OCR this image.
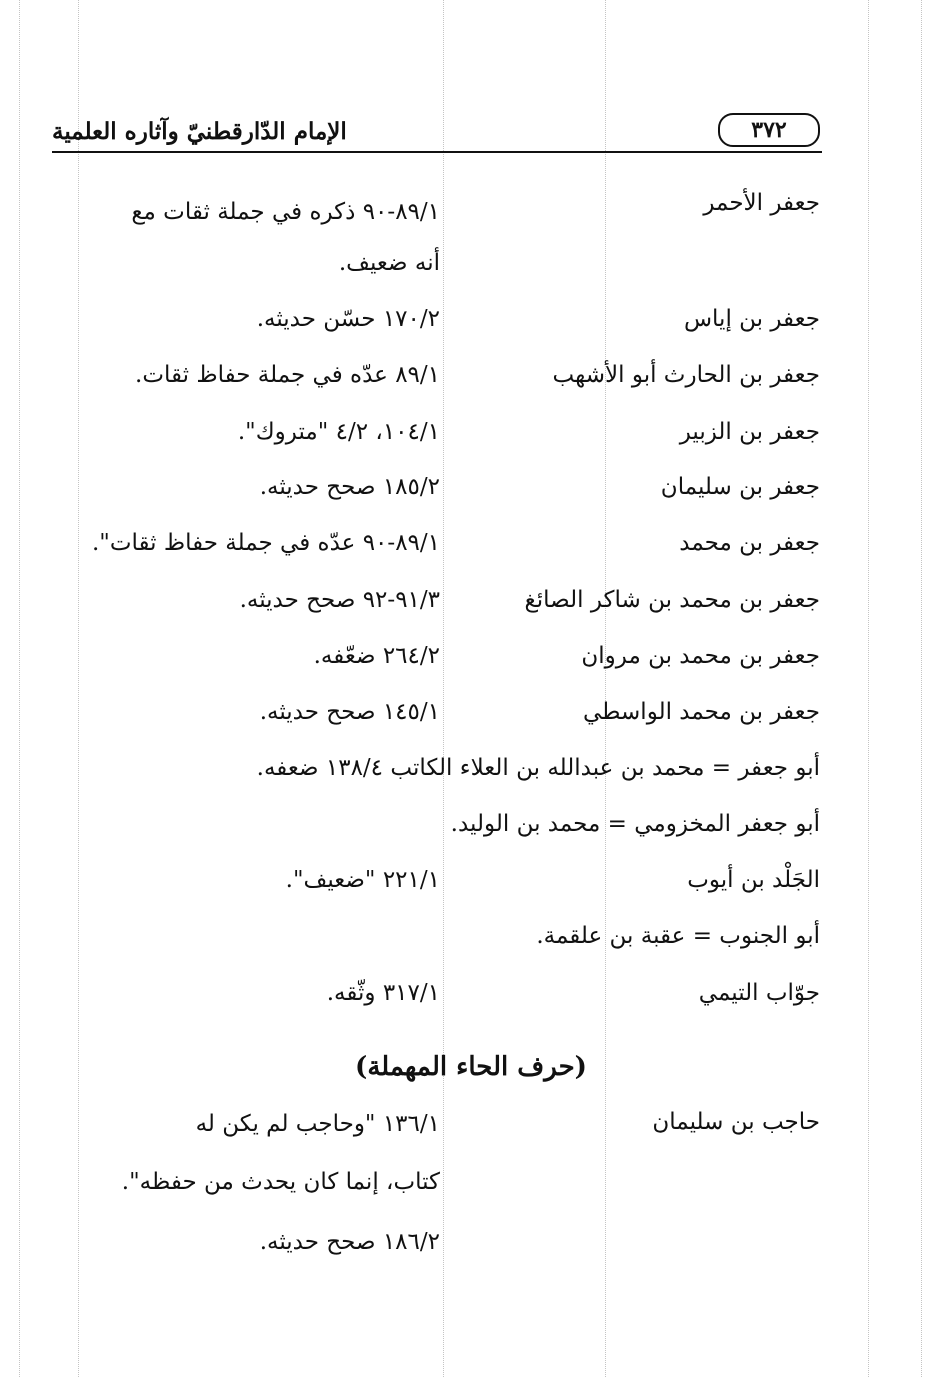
٣٧٢
الإمام الدّارقطنيّ وآثاره العلمية
جعفر الأحمر
٨٩/١-٩٠ ذكره في جملة ثقات مع
أنه ضعيف.
جعفر بن إياس
١٧٠/٢ حسّن حديثه.
جعفر بن الحارث أبو الأشهب
٨٩/١ عدّه في جملة حفاظ ثقات.
جعفر بن الزبير
١٠٤/١، ٤/٢ "متروك".
جعفر بن سليمان
١٨٥/٢ صحح حديثه.
جعفر بن محمد
٨٩/١-٩٠ عدّه في جملة حفاظ ثقات".
جعفر بن محمد بن شاكر الصائغ
٩١/٣-٩٢ صحح حديثه.
جعفر بن محمد بن مروان
٢٦٤/٢ ضعّفه.
جعفر بن محمد الواسطي
١٤٥/١ صحح حديثه.
أبو جعفر = محمد بن عبدالله بن العلاء الكاتب ١٣٨/٤ ضعفه.
أبو جعفر المخزومي = محمد بن الوليد.
الجَلْد بن أيوب
٢٢١/١ "ضعيف".
أبو الجنوب = عقبة بن علقمة.
جوّاب التيمي
٣١٧/١ وثّقه.
(حرف الحاء المهملة)
حاجب بن سليمان
١٣٦/١ "وحاجب لم يكن له
كتاب، إنما كان يحدث من حفظه".
١٨٦/٢ صحح حديثه.
